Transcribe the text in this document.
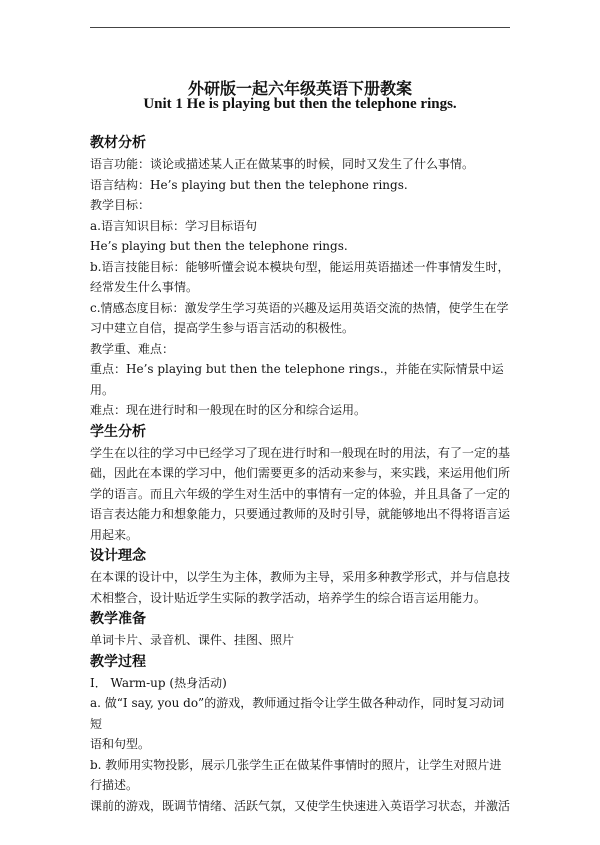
外研版一起六年级英语下册教案
Unit 1 He is playing but then the telephone rings.

教材分析

语言功能：谈论或描述某人正在做某事的时候，同时又发生了什么事情。

语言结构：He’s playing but then the telephone rings.

教学目标：

a.语言知识目标：学习目标语句

He’s playing but then the telephone rings.

b.语言技能目标：能够听懂会说本模块句型，能运用英语描述一件事情发生时，

经常发生什么事情。

c.情感态度目标：激发学生学习英语的兴趣及运用英语交流的热情，使学生在学

习中建立自信，提高学生参与语言活动的积极性。

教学重、难点：

重点：He’s playing but then the telephone rings.，并能在实际情景中运用。

难点：现在进行时和一般现在时的区分和综合运用。

学生分析

学生在以往的学习中已经学习了现在进行时和一般现在时的用法，有了一定的基

础，因此在本课的学习中，他们需要更多的活动来参与，来实践，来运用他们所

学的语言。而且六年级的学生对生活中的事情有一定的体验，并且具备了一定的

语言表达能力和想象能力，只要通过教师的及时引导，就能够地出不得将语言运

用起来。

设计理念

在本课的设计中，以学生为主体，教师为主导，采用多种教学形式，并与信息技

术相整合，设计贴近学生实际的教学活动，培养学生的综合语言运用能力。

教学准备

单词卡片、录音机、课件、挂图、照片

教学过程

Ⅰ． Warm-up (热身活动)

a. 做“I say, you do”的游戏，教师通过指令让学生做各种动作，同时复习动词短

语和句型。

b. 教师用实物投影，展示几张学生正在做某件事情时的照片，让学生对照片进

行描述。

课前的游戏，既调节情绪、活跃气氛，又使学生快速进入英语学习状态，并激活
